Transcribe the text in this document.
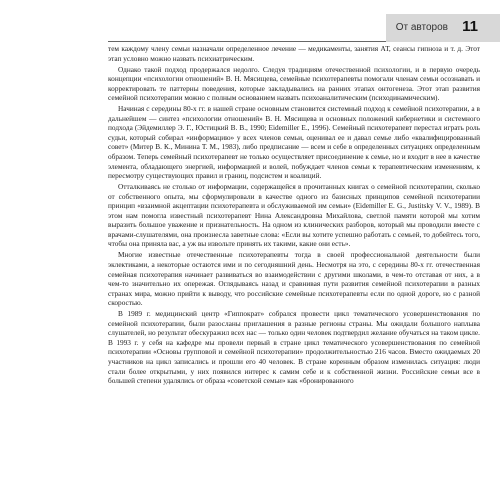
От авторов 11

тем каждому члену семьи назначали определенное лечение — медикаменты, занятия АТ, сеансы гипноза и т. д. Этот этап условно можно назвать психиатрическим.

Однако такой подход продержался недолго. Следуя традициям отечественной психологии, и в первую очередь концепции «психологии отношений» В. Н. Мясищева, семейные психотерапевты помогали членам семьи осознавать и корректировать те паттерны поведения, которые закладывались на ранних этапах онтогенеза. Этот этап развития семейной психотерапии можно с полным основанием назвать психоаналитическим (психодинамическим).

Начиная с середины 80-х гг. в нашей стране основным становится системный подход к семейной психотерапии, а в дальнейшем — синтез «психологии отношений» В. Н. Мясищева и основных положений кибернетики и системного подхода (Эйдемиллер Э. Г., Юстицкий В. В., 1990; Eidemiller E., 1996). Семейный психотерапевт перестал играть роль судьи, который собирал «информацию» у всех членов семьи, оценивал ее и давал семье либо «квалифицированный совет» (Митер В. К., Минина Т. М., 1983), либо предписание — всем и себе в определенных ситуациях определенным образом. Теперь семейный психотерапевт не только осуществляет присоединение к семье, но и входит в нее в качестве элемента, обладающего энергией, информацией и волей, побуждает членов семьи к терапевтическим изменениям, к пересмотру существующих правил и границ, подсистем и коалиций.

Отталкиваясь не столько от информации, содержащейся в прочитанных книгах о семейной психотерапии, сколько от собственного опыта, мы сформулировали в качестве одного из базисных принципов семейной психотерапии принцип «взаимной акцептации психотерапевта и обслуживаемой им семьи» (Eidemiller E. G., Justitsky V. V., 1989). В этом нам помогла известный психотерапевт Нина Александровна Михайлова, светлой памяти которой мы хотим выразить большое уважение и признательность. На одном из клинических разборов, который мы проводили вместе с врачами-слушателями, она произнесла заветные слова: «Если вы хотите успешно работать с семьей, то добейтесь того, чтобы она приняла вас, а уж вы извольте принять их такими, какие они есть».

Многие известные отечественные психотерапевты тогда в своей профессиональной деятельности были эклектиками, а некоторые остаются ими и по сегодняшний день. Несмотря на это, с середины 80-х гг. отечественная семейная психотерапия начинает развиваться во взаимодействии с другими школами, в чем-то отставая от них, а в чем-то значительно их опережая. Оглядываясь назад и сравнивая пути развития семейной психотерапии в разных странах мира, можно прийти к выводу, что российские семейные психотерапевты если по одной дороге, но с разной скоростью.

В 1989 г. медицинский центр «Гиппократ» собрался провести цикл тематического усовершенствования по семейной психотерапии, были разосланы приглашения в разные регионы страны. Мы ожидали большого наплыва слушателей, но результат обескуражил всех нас — только один человек подтвердил желание обучаться на таком цикле. В 1993 г. у себя на кафедре мы провели первый в стране цикл тематического усовершенствования по семейной психотерапии «Основы групповой и семейной психотерапии» продолжительностью 216 часов. Вместо ожидаемых 20 участников на цикл записались и прошли его 40 человек. В стране коренным образом изменилась ситуация: люди стали более открытыми, у них появился интерес к самим себе и к собственной жизни. Российские семьи все в большей степени удалялись от образа «советской семьи» как «бронированного
